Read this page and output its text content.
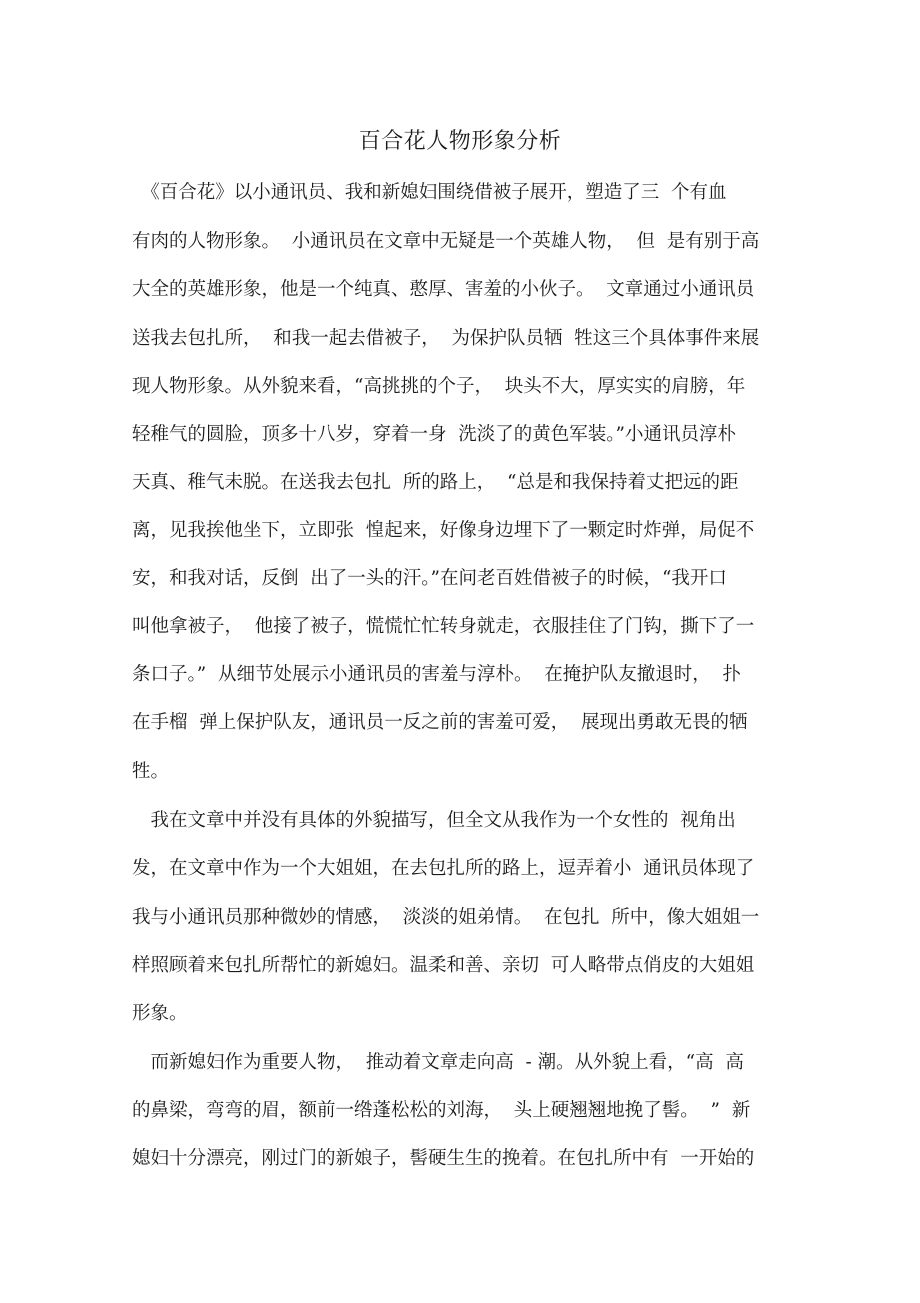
百合花人物形象分析

　《百合花》以小通讯员、我和新媳妇围绕借被子展开，塑造了三  个有血

有肉的人物形象。  小通讯员在文章中无疑是一个英雄人物，  但  是有别于高

大全的英雄形象，他是一个纯真、憨厚、害羞的小伙子。  文章通过小通讯员

送我去包扎所，  和我一起去借被子，  为保护队员牺  牲这三个具体事件来展

现人物形象。从外貌来看，“高挑挑的个子，  块头不大，厚实实的肩膀，年

轻稚气的圆脸，顶多十八岁，穿着一身  洗淡了的黄色军装。”小通讯员淳朴

天真、稚气未脱。在送我去包扎  所的路上，  “总是和我保持着丈把远的距

离，见我挨他坐下，立即张  惶起来，好像身边埋下了一颗定时炸弹，局促不

安，和我对话，反倒  出了一头的汗。”在问老百姓借被子的时候，“我开口

叫他拿被子，  他接了被子，慌慌忙忙转身就走，衣服挂住了门钩，撕下了一

条口子。”  从细节处展示小通讯员的害羞与淳朴。  在掩护队友撤退时，  扑

在手榴  弹上保护队友，通讯员一反之前的害羞可爱，  展现出勇敢无畏的牺

牲。

　我在文章中并没有具体的外貌描写，但全文从我作为一个女性的  视角出

发，在文章中作为一个大姐姐，在去包扎所的路上，逗弄着小  通讯员体现了

我与小通讯员那种微妙的情感，  淡淡的姐弟情。  在包扎  所中，像大姐姐一

样照顾着来包扎所帮忙的新媳妇。温柔和善、亲切  可人略带点俏皮的大姐姐

形象。

　而新媳妇作为重要人物，  推动着文章走向高  - 潮。从外貌上看，“高  高

的鼻梁，弯弯的眉，额前一绺蓬松松的刘海，  头上硬翘翘地挽了髻。  ”  新

媳妇十分漂亮，刚过门的新娘子，髻硬生生的挽着。在包扎所中有  一开始的
